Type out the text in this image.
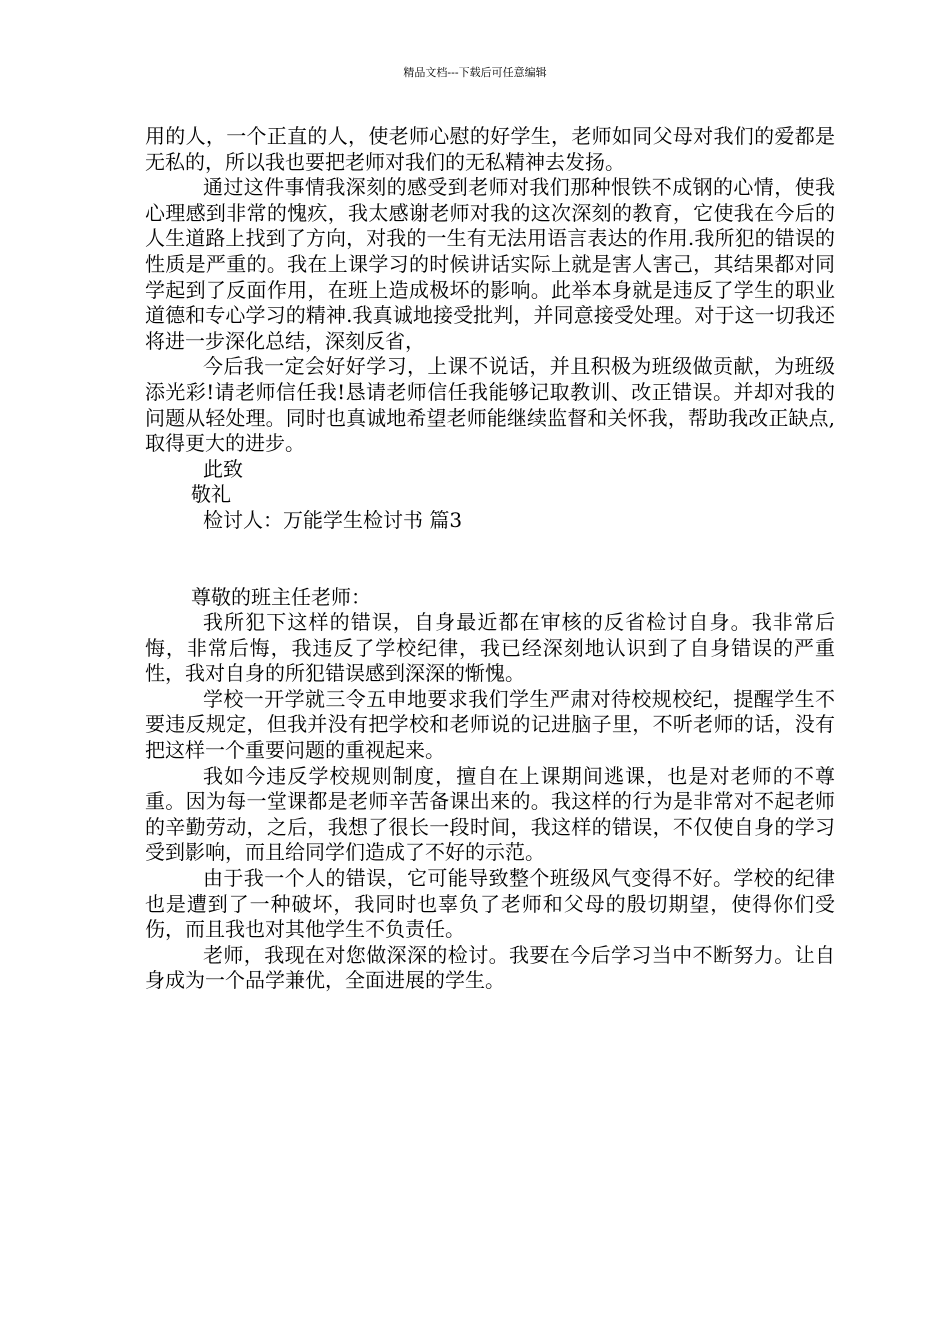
精品文档---下载后可任意编辑

用的人，一个正直的人，使老师心慰的好学生，老师如同父母对我们的爱都是无私的，所以我也要把老师对我们的无私精神去发扬。

通过这件事情我深刻的感受到老师对我们那种恨铁不成钢的心情，使我心理感到非常的愧疚，我太感谢老师对我的这次深刻的教育，它使我在今后的人生道路上找到了方向，对我的一生有无法用语言表达的作用.我所犯的错误的性质是严重的。我在上课学习的时候讲话实际上就是害人害己，其结果都对同学起到了反面作用，在班上造成极坏的影响。此举本身就是违反了学生的职业道德和专心学习的精神.我真诚地接受批判，并同意接受处理。对于这一切我还将进一步深化总结，深刻反省，

今后我一定会好好学习，上课不说话，并且积极为班级做贡献，为班级添光彩!请老师信任我!恳请老师信任我能够记取教训、改正错误。并却对我的问题从轻处理。同时也真诚地希望老师能继续监督和关怀我，帮助我改正缺点,取得更大的进步。

此致

敬礼

检讨人：万能学生检讨书 篇3

尊敬的班主任老师：

我所犯下这样的错误，自身最近都在审核的反省检讨自身。我非常后悔，非常后悔，我违反了学校纪律，我已经深刻地认识到了自身错误的严重性，我对自身的所犯错误感到深深的惭愧。

学校一开学就三令五申地要求我们学生严肃对待校规校纪，提醒学生不要违反规定，但我并没有把学校和老师说的记进脑子里，不听老师的话，没有把这样一个重要问题的重视起来。

我如今违反学校规则制度，擅自在上课期间逃课，也是对老师的不尊重。因为每一堂课都是老师辛苦备课出来的。我这样的行为是非常对不起老师的辛勤劳动，之后，我想了很长一段时间，我这样的错误，不仅使自身的学习受到影响，而且给同学们造成了不好的示范。

由于我一个人的错误，它可能导致整个班级风气变得不好。学校的纪律也是遭到了一种破坏，我同时也辜负了老师和父母的殷切期望，使得你们受伤，而且我也对其他学生不负责任。

老师，我现在对您做深深的检讨。我要在今后学习当中不断努力。让自身成为一个品学兼优，全面进展的学生。
